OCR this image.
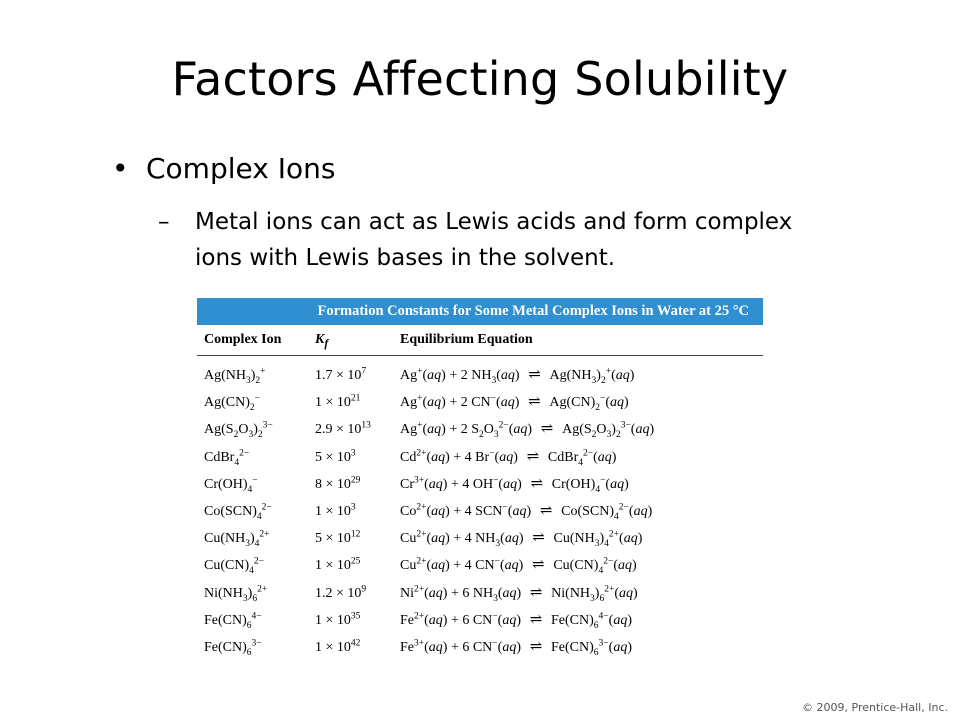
Factors Affecting Solubility
• Complex Ions
–	Metal ions can act as Lewis acids and form complex ions with Lewis bases in the solvent.
Formation Constants for Some Metal Complex Ions in Water at 25 °C
Complex Ion	$K_f$	Equilibrium Equation
$Ag(NH_3)_2^+$	$1.7 \times 10^7$	Ag+(aq) + 2 $NH_3(aq)$ ⇌ $Ag(NH_3)_2^+(aq)$
$Ag(CN)_2^-$	$1 \times 10^{21}$	Ag+(aq) + 2 CN−(aq) ⇌ $Ag(CN)_2^-(aq)$
$Ag(S_2O_3)_2^{3-}$	$2.9 \times 10^{13}$	Ag+(aq) + 2 $S_2O_3^{2-}(aq)$ ⇌ $Ag(S_2O_3)_2^{3-}(aq)$
CdBr$_4^{2-}$	$5 \times 10^3$	$Cd^{2+}(aq) + 4$ Br−(aq) ⇌ CdBr$_4^{2-}$(aq)
$Cr(OH)_4^-$	$8 \times 10^{29}$	$Cr^{3+}(aq) + 4$ OH−(aq) ⇌ $Cr(OH)_4^-(aq)$
$Co(SCN)_4^{2-}$	$1 \times 10^3$	$Co^{2+}(aq) + 4$ SCN−(aq) ⇌ $Co(SCN)_4^{2-}(aq)$
$Cu(NH_3)_4^{2+}$	$5 \times 10^{12}$	$Cu^{2+}(aq) + 4$ $NH_3(aq)$ ⇌ $Cu(NH_3)_4^{2+}(aq)$
$Cu(CN)_4^{2-}$	$1 \times 10^{25}$	$Cu^{2+}(aq) + 4$ CN−(aq) ⇌ $Cu(CN)_4^{2-}(aq)$
$Ni(NH_3)_6^{2+}$	$1.2 \times 10^9$	$Ni^{2+}(aq) + 6$ $NH_3(aq)$ ⇌ $Ni(NH_3)_6^{2+}(aq)$
$Fe(CN)_6^{4-}$	$1 \times 10^{35}$	$Fe^{2+}(aq) + 6$ CN−(aq) ⇌ $Fe(CN)_6^{4-}(aq)$
$Fe(CN)_6^{3-}$	$1 \times 10^{42}$	$Fe^{3+}(aq) + 6$ CN−(aq) ⇌ $Fe(CN)_6^{3-}(aq)$
© 2009, Prentice-Hall, Inc.
